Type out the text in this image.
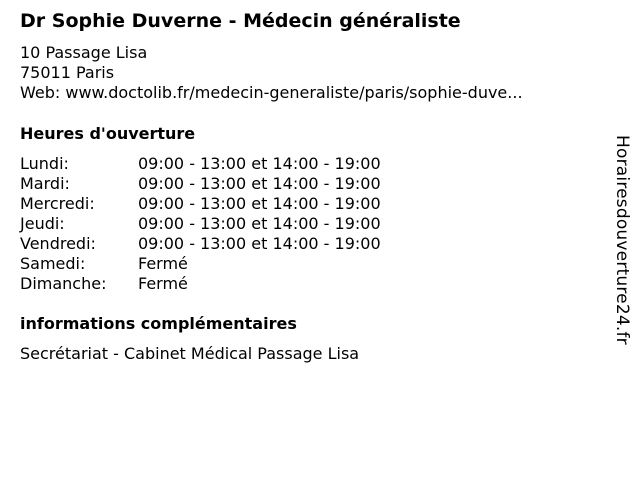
Dr Sophie Duverne - Médecin généraliste
10 Passage Lisa
75011 Paris
Web: www.doctolib.fr/medecin-generaliste/paris/sophie-duve...
Heures d'ouverture
Lundi:	09:00 - 13:00 et 14:00 - 19:00
Mardi:	09:00 - 13:00 et 14:00 - 19:00
Mercredi:	09:00 - 13:00 et 14:00 - 19:00
Jeudi:	09:00 - 13:00 et 14:00 - 19:00
Vendredi:	09:00 - 13:00 et 14:00 - 19:00
Samedi:	Fermé
Dimanche:	Fermé
informations complémentaires
Secrétariat - Cabinet Médical Passage Lisa
Horairesdouverture24.fr
